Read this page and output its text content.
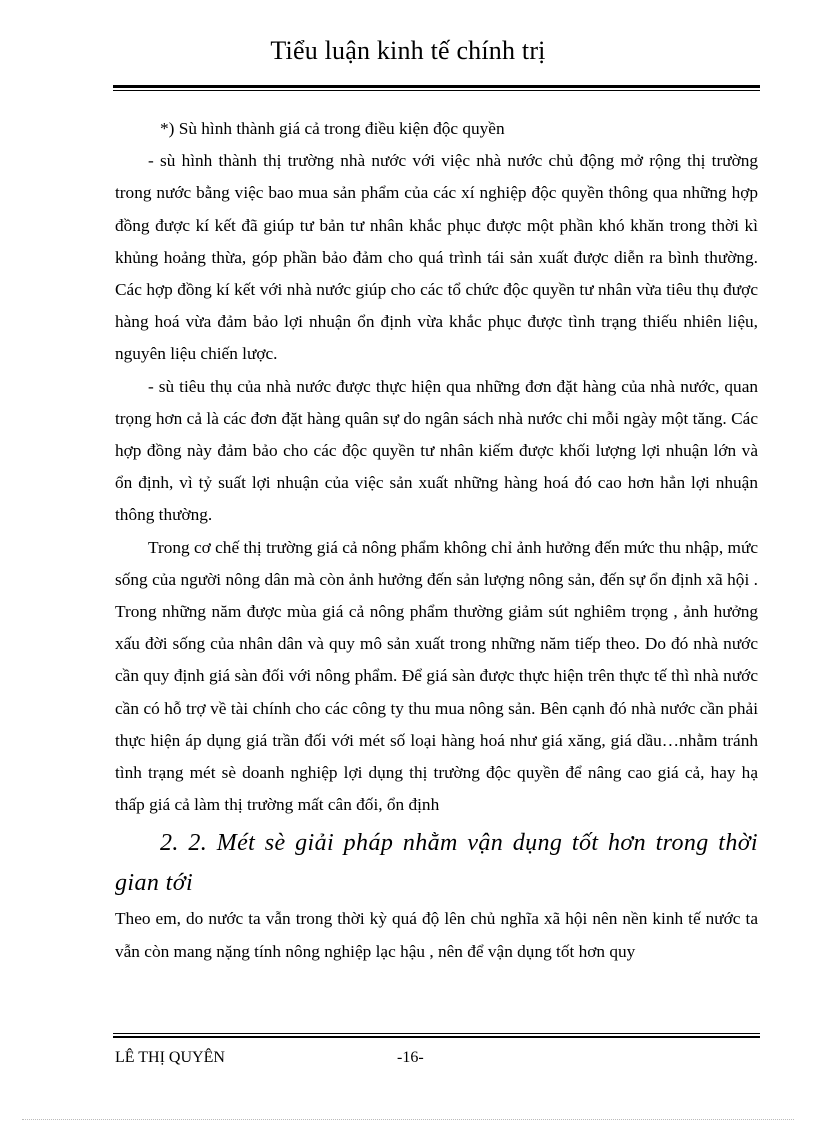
Tiểu luận kinh tế chính trị

*) Sù hình thành giá cả trong điều kiện độc quyền

- sù hình thành thị trường nhà nước với việc nhà nước chủ động mở rộng thị trường trong nước bằng việc bao mua sản phẩm của các xí nghiệp độc quyền thông qua những hợp đồng được kí kết đã giúp tư bản tư nhân khắc phục được một phần khó khăn trong thời kì khủng hoảng thừa, góp phần bảo đảm cho quá trình tái sản xuất được diễn ra bình thường. Các hợp đồng kí kết với nhà nước giúp cho các tổ chức độc quyền tư nhân vừa tiêu thụ được hàng hoá vừa đảm bảo lợi nhuận ổn định vừa khắc phục được tình trạng thiếu nhiên liệu, nguyên liệu chiến lược.

- sù tiêu thụ của nhà nước được thực hiện qua những đơn đặt hàng của nhà nước, quan trọng hơn cả là các đơn đặt hàng quân sự do ngân sách nhà nước chi mỗi ngày một tăng. Các hợp đồng này đảm bảo cho các độc quyền tư nhân kiếm được khối lượng lợi nhuận lớn và ổn định, vì tỷ suất lợi nhuận của việc sản xuất những hàng hoá đó cao hơn hẳn lợi nhuận thông thường.

Trong cơ chế thị trường giá cả nông phẩm không chỉ ảnh hưởng đến mức thu nhập, mức sống của người nông dân mà còn ảnh hưởng đến sản lượng nông sản, đến sự ổn định xã hội . Trong những năm được mùa giá cả nông phẩm thường giảm sút nghiêm trọng , ảnh hưởng xấu đời sống của nhân dân và quy mô sản xuất trong những năm tiếp theo. Do đó nhà nước cần quy định giá sàn đối với nông phẩm. Để giá sàn được thực hiện trên thực tế thì nhà nước cần có hỗ trợ về tài chính cho các công ty thu mua nông sản. Bên cạnh đó nhà nước cần phải thực hiện áp dụng giá trần đối với mét số loại hàng hoá như giá xăng, giá dầu…nhằm tránh tình trạng mét sè doanh nghiệp lợi dụng thị trường độc quyền để nâng cao giá cả, hay hạ thấp giá cả làm thị trường mất cân đối, ổn định

2. 2. Mét sè giải pháp nhằm vận dụng tốt hơn trong thời gian tới

Theo em, do nước ta vẫn trong thời kỳ quá độ lên chủ nghĩa xã hội nên nền kinh tế nước ta vẫn còn mang nặng tính nông nghiệp lạc hậu , nên để vận dụng tốt hơn quy

LÊ THỊ QUYÊN	-16-
